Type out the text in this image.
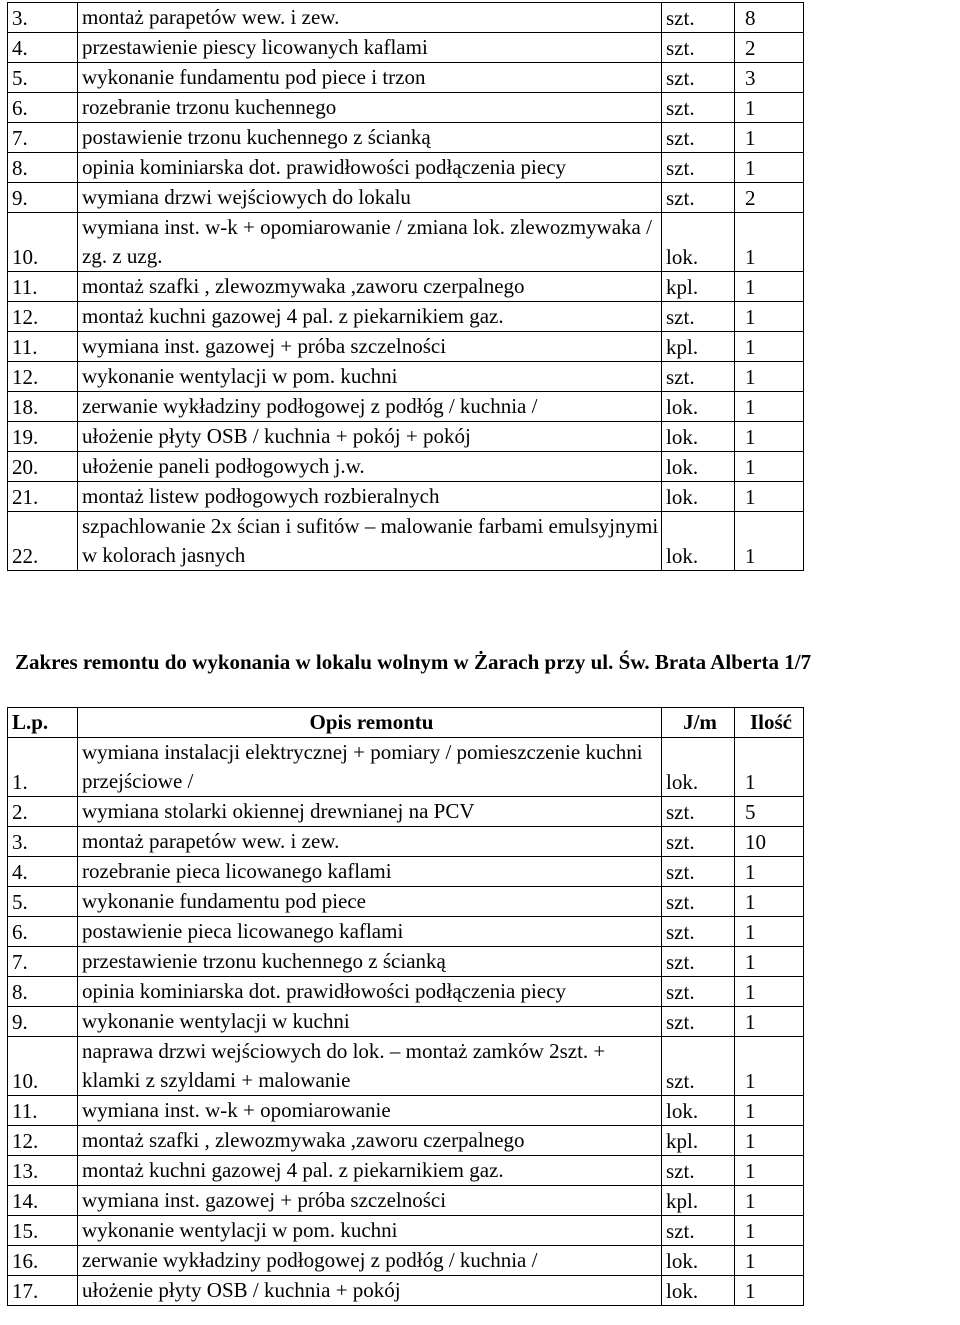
3.	montaż parapetów wew. i zew.	szt.	8
4.	przestawienie piescy licowanych kaflami	szt.	2
5.	wykonanie fundamentu pod piece i trzon	szt.	3
6.	rozebranie trzonu kuchennego	szt.	1
7.	postawienie trzonu kuchennego z ścianką	szt.	1
8.	opinia kominiarska dot. prawidłowości podłączenia piecy	szt.	1
9.	wymiana drzwi wejściowych do lokalu	szt.	2
10.	wymiana inst. w-k + opomiarowanie / zmiana lok. zlewozmywaka / zg. z uzg.	lok.	1
11.	montaż szafki , zlewozmywaka ,zaworu czerpalnego	kpl.	1
12.	montaż kuchni gazowej 4 pal. z piekarnikiem gaz.	szt.	1
11.	wymiana inst. gazowej + próba szczelności	kpl.	1
12.	wykonanie wentylacji w pom. kuchni	szt.	1
18.	zerwanie wykładziny podłogowej z podłóg / kuchnia /	lok.	1
19.	ułożenie płyty OSB / kuchnia + pokój + pokój	lok.	1
20.	ułożenie paneli podłogowych j.w.	lok.	1
21.	montaż listew podłogowych rozbieralnych	lok.	1
22.	szpachlowanie 2x ścian i sufitów – malowanie farbami emulsyjnymi w kolorach jasnych	lok.	1
Zakres remontu do wykonania w lokalu wolnym w Żarach przy ul. Św. Brata Alberta 1/7
L.p.	Opis remontu	J/m	Ilość
1.	wymiana instalacji elektrycznej + pomiary / pomieszczenie kuchni przejściowe /	lok.	1
2.	wymiana stolarki okiennej drewnianej na PCV	szt.	5
3.	montaż parapetów wew. i zew.	szt.	10
4.	rozebranie pieca licowanego kaflami	szt.	1
5.	wykonanie fundamentu pod piece	szt.	1
6.	postawienie pieca licowanego kaflami	szt.	1
7.	przestawienie trzonu kuchennego z ścianką	szt.	1
8.	opinia kominiarska dot. prawidłowości podłączenia piecy	szt.	1
9.	wykonanie wentylacji w kuchni	szt.	1
10.	naprawa drzwi wejściowych do lok. – montaż zamków 2szt. + klamki z szyldami + malowanie	szt.	1
11.	wymiana inst. w-k + opomiarowanie	lok.	1
12.	montaż szafki , zlewozmywaka ,zaworu czerpalnego	kpl.	1
13.	montaż kuchni gazowej 4 pal. z piekarnikiem gaz.	szt.	1
14.	wymiana inst. gazowej + próba szczelności	kpl.	1
15.	wykonanie wentylacji w pom. kuchni	szt.	1
16.	zerwanie wykładziny podłogowej z podłóg / kuchnia /	lok.	1
17.	ułożenie płyty OSB / kuchnia + pokój	lok.	1
